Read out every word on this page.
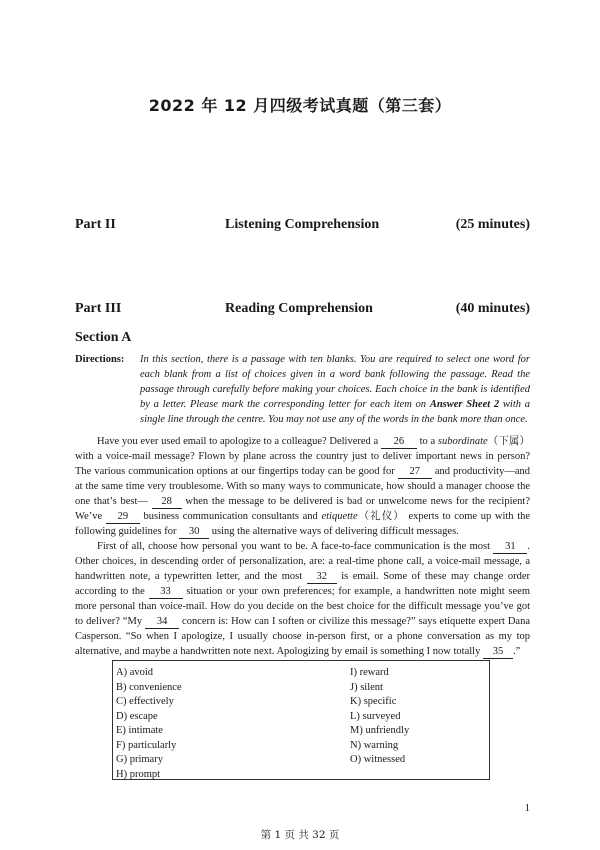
2022 年 12 月四级考试真题（第三套）
Part II	Listening Comprehension	(25 minutes)
Part III	Reading Comprehension	(40 minutes)
Section A
Directions: In this section, there is a passage with ten blanks. You are required to select one word for each blank from a list of choices given in a word bank following the passage. Read the passage through carefully before making your choices. Each choice in the bank is identified by a letter. Please mark the corresponding letter for each item on Answer Sheet 2 with a single line through the centre. You may not use any of the words in the bank more than once.

Have you ever used email to apologize to a colleague? Delivered a 26 to a subordinate（下属） with a voice-mail message? Flown by plane across the country just to deliver important news in person? The various communication options at our fingertips today can be good for 27 and productivity—and at the same time very troublesome. With so many ways to communicate, how should a manager choose the one that’s best— 28 when the message to be delivered is bad or unwelcome news for the recipient? We’ve 29 business communication consultants and etiquette（礼仪） experts to come up with the following guidelines for 30 using the alternative ways of delivering difficult messages.

First of all, choose how personal you want to be. A face-to-face communication is the most 31 . Other choices, in descending order of personalization, are: a real-time phone call, a voice-mail message, a handwritten note, a typewritten letter, and the most 32 is email. Some of these may change order according to the 33 situation or your own preferences; for example, a handwritten note might seem more personal than voice-mail. How do you decide on the best choice for the difficult message you’ve got to deliver? “My 34 concern is: How can I soften or civilize this message?” says etiquette expert Dana Casperson. “So when I apologize, I usually choose in-person first, or a phone conversation as my top alternative, and maybe a handwritten note next. Apologizing by email is something I now totally 35 .”

A) avoid
B) convenience
C) effectively
D) escape
E) intimate
F) particularly
G) primary
H) prompt
I) reward
J) silent
K) specific
L) surveyed
M) unfriendly
N) warning
O) witnessed
1
第 1 页 共 32 页
